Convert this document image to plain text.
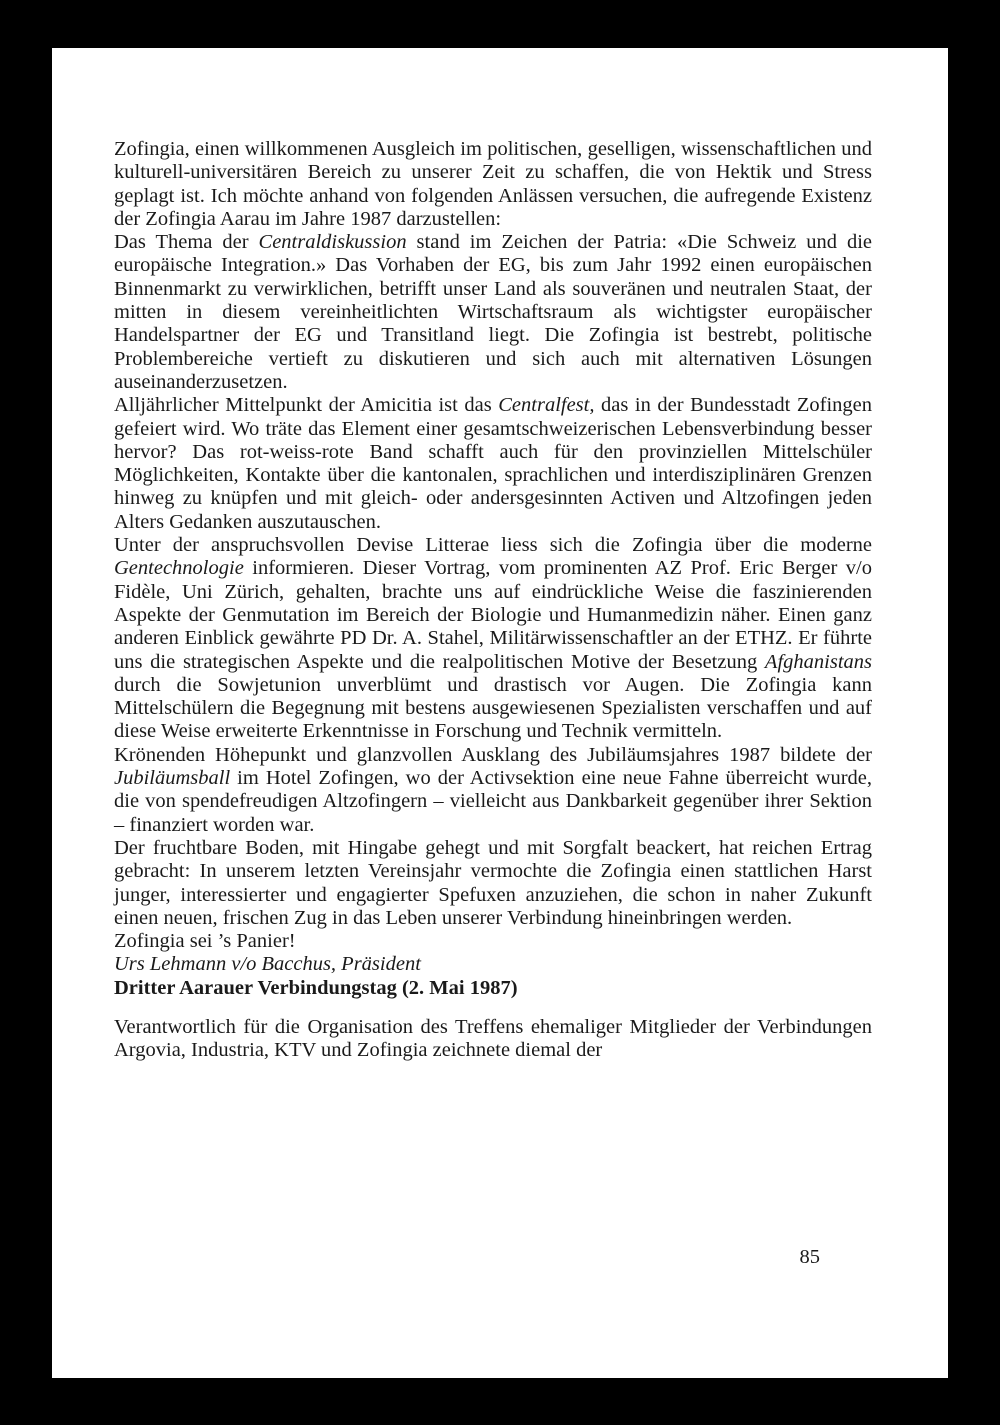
Zofingia, einen willkommenen Ausgleich im politischen, geselligen, wissenschaftlichen und kulturell-universitären Bereich zu unserer Zeit zu schaffen, die von Hektik und Stress geplagt ist. Ich möchte anhand von folgenden Anlässen versuchen, die aufregende Existenz der Zofingia Aarau im Jahre 1987 darzustellen:

Das Thema der Centraldiskussion stand im Zeichen der Patria: «Die Schweiz und die europäische Integration.» Das Vorhaben der EG, bis zum Jahr 1992 einen europäischen Binnenmarkt zu verwirklichen, betrifft unser Land als souveränen und neutralen Staat, der mitten in diesem vereinheitlichten Wirtschaftsraum als wichtigster europäischer Handelspartner der EG und Transitland liegt. Die Zofingia ist bestrebt, politische Problembereiche vertieft zu diskutieren und sich auch mit alternativen Lösungen auseinanderzusetzen.

Alljährlicher Mittelpunkt der Amicitia ist das Centralfest, das in der Bundesstadt Zofingen gefeiert wird. Wo träte das Element einer gesamtschweizerischen Lebensverbindung besser hervor? Das rot-weiss-rote Band schafft auch für den provinziellen Mittelschüler Möglichkeiten, Kontakte über die kantonalen, sprachlichen und interdisziplinären Grenzen hinweg zu knüpfen und mit gleich- oder andersgesinnten Activen und Altzofingen jeden Alters Gedanken auszutauschen.

Unter der anspruchsvollen Devise Litterae liess sich die Zofingia über die moderne Gentechnologie informieren. Dieser Vortrag, vom prominenten AZ Prof. Eric Berger v/o Fidèle, Uni Zürich, gehalten, brachte uns auf eindrückliche Weise die faszinierenden Aspekte der Genmutation im Bereich der Biologie und Humanmedizin näher. Einen ganz anderen Einblick gewährte PD Dr. A. Stahel, Militärwissenschaftler an der ETHZ. Er führte uns die strategischen Aspekte und die realpolitischen Motive der Besetzung Afghanistans durch die Sowjetunion unverblümt und drastisch vor Augen. Die Zofingia kann Mittelschülern die Begegnung mit bestens ausgewiesenen Spezialisten verschaffen und auf diese Weise erweiterte Erkenntnisse in Forschung und Technik vermitteln.

Krönenden Höhepunkt und glanzvollen Ausklang des Jubiläumsjahres 1987 bildete der Jubiläumsball im Hotel Zofingen, wo der Activsektion eine neue Fahne überreicht wurde, die von spendefreudigen Altzofingern – vielleicht aus Dankbarkeit gegenüber ihrer Sektion – finanziert worden war.

Der fruchtbare Boden, mit Hingabe gehegt und mit Sorgfalt beackert, hat reichen Ertrag gebracht: In unserem letzten Vereinsjahr vermochte die Zofingia einen stattlichen Harst junger, interessierter und engagierter Spefuxen anzuziehen, die schon in naher Zukunft einen neuen, frischen Zug in das Leben unserer Verbindung hineinbringen werden.

Zofingia sei ’s Panier!

Urs Lehmann v/o Bacchus, Präsident

Dritter Aarauer Verbindungstag (2. Mai 1987)

Verantwortlich für die Organisation des Treffens ehemaliger Mitglieder der Verbindungen Argovia, Industria, KTV und Zofingia zeichnete diemal der

85
